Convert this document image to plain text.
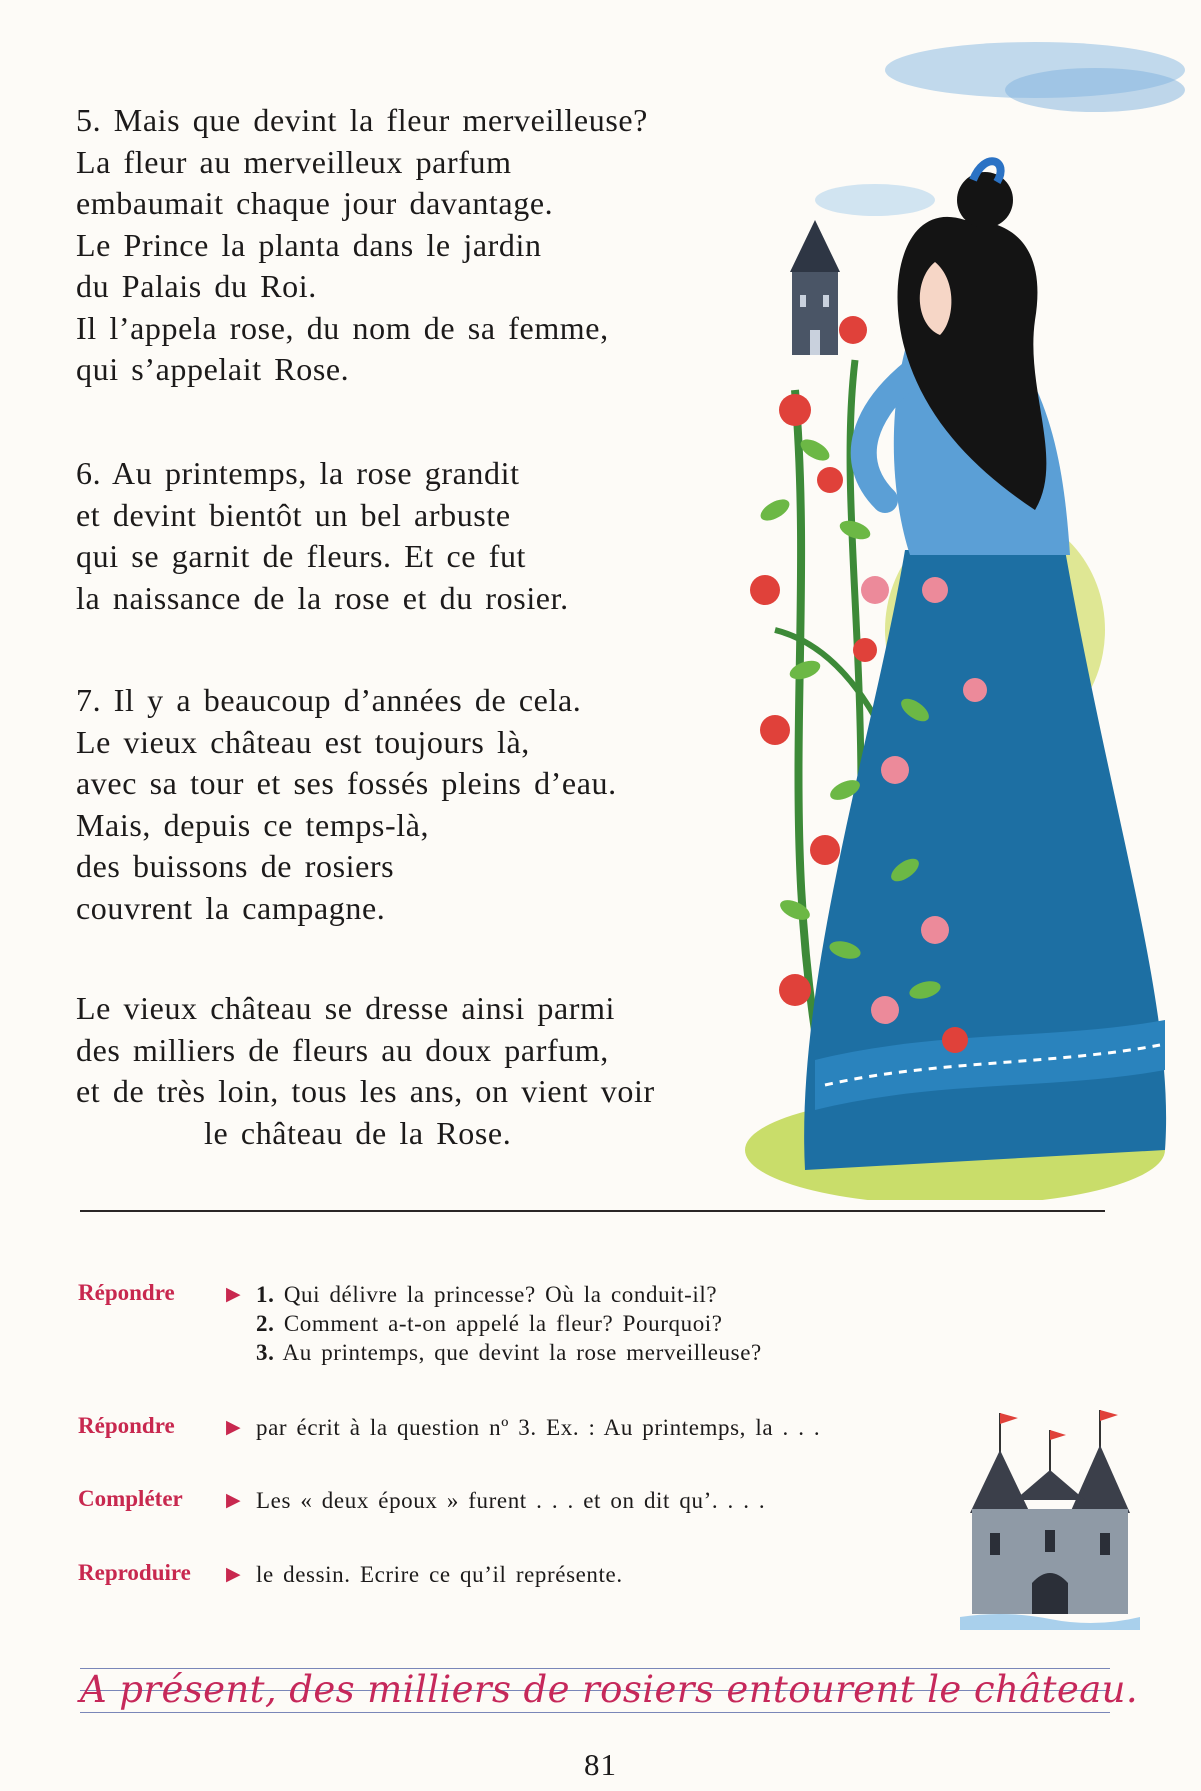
5. Mais que devint la fleur merveilleuse?
La fleur au merveilleux parfum
embaumait chaque jour davantage.
Le Prince la planta dans le jardin
du Palais du Roi.
Il l’appela rose, du nom de sa femme,
qui s’appelait Rose.
6. Au printemps, la rose grandit
et devint bientôt un bel arbuste
qui se garnit de fleurs. Et ce fut
la naissance de la rose et du rosier.
7. Il y a beaucoup d’années de cela.
Le vieux château est toujours là,
avec sa tour et ses fossés pleins d’eau.
Mais, depuis ce temps-là,
des buissons de rosiers
couvrent la campagne.
Le vieux château se dresse ainsi parmi
des milliers de fleurs au doux parfum,
et de très loin, tous les ans, on vient voir
le château de la Rose.
Répondre	▶ 1. Qui délivre la princesse? Où la conduit-il?
2. Comment a-t-on appelé la fleur? Pourquoi?
3. Au printemps, que devint la rose merveilleuse?
Répondre	▶ par écrit à la question nº 3. Ex. : Au printemps, la . . .
Compléter ▶ Les « deux époux » furent . . . et on dit qu’. . . .
Reproduire ▶ le dessin. Ecrire ce qu’il représente.
A présent, des milliers de rosiers entourent le château.
81
